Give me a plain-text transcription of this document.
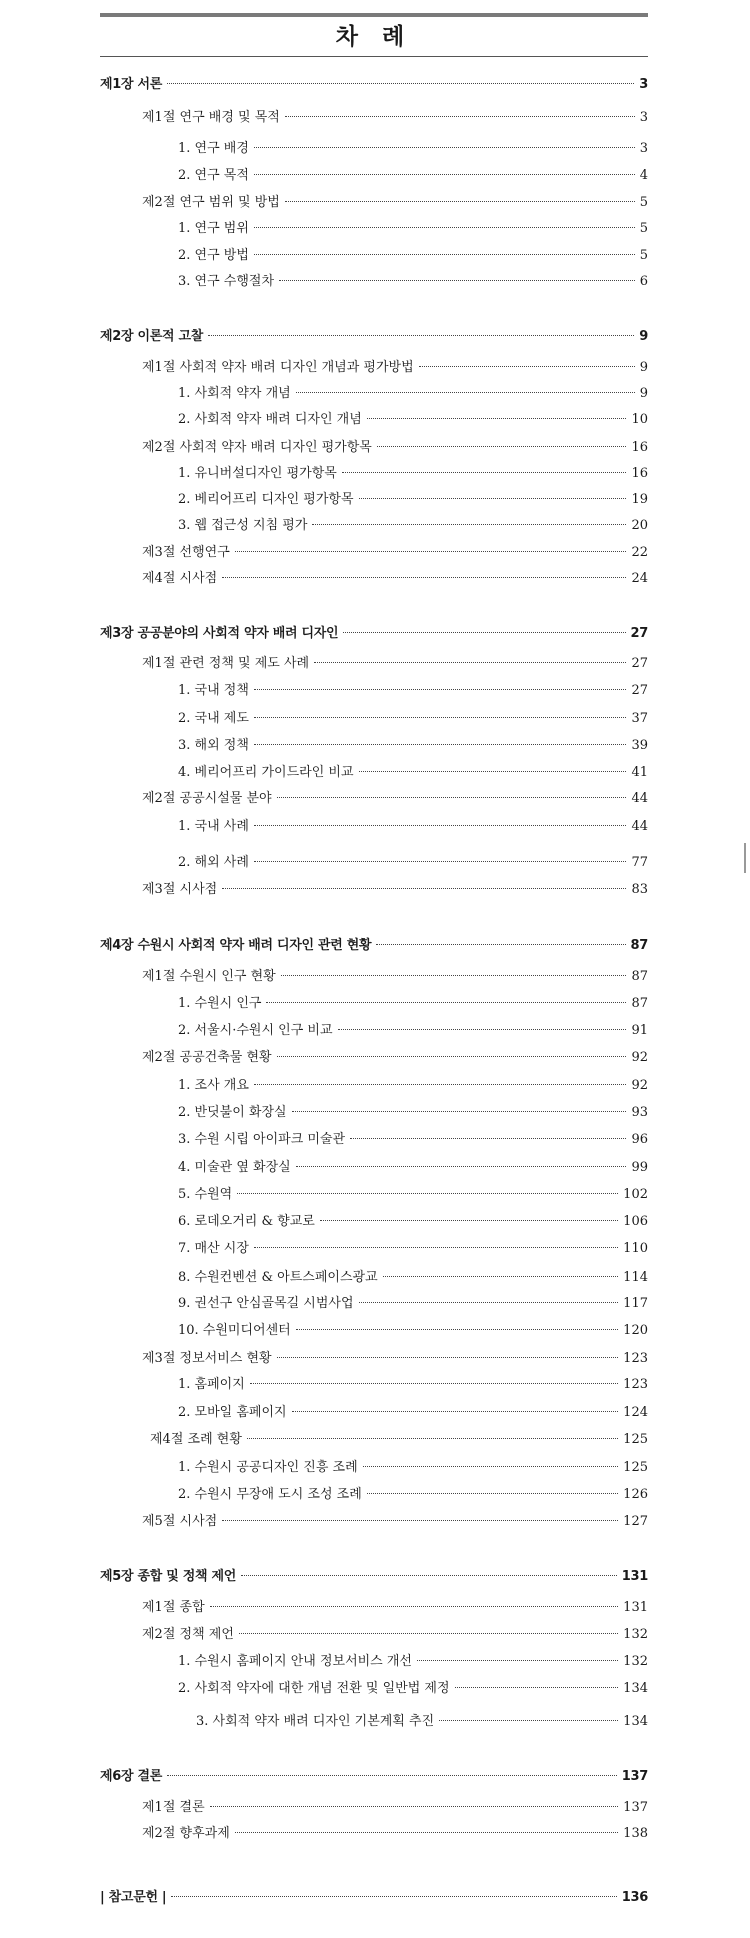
차 례
제1장 서론	3
제1절 연구 배경 및 목적	3
1. 연구 배경	3
2. 연구 목적	4
제2절 연구 범위 및 방법	5
1. 연구 범위	5
2. 연구 방법	5
3. 연구 수행절차	6
제2장 이론적 고찰	9
제1절 사회적 약자 배려 디자인 개념과 평가방법	9
1. 사회적 약자 개념	9
2. 사회적 약자 배려 디자인 개념	10
제2절 사회적 약자 배려 디자인 평가항목	16
1. 유니버설디자인 평가항목	16
2. 베리어프리 디자인 평가항목	19
3. 웹 접근성 지침 평가	20
제3절 선행연구	22
제4절 시사점	24
제3장 공공분야의 사회적 약자 배려 디자인	27
제1절 관련 정책 및 제도 사례	27
1. 국내 정책	27
2. 국내 제도	37
3. 해외 정책	39
4. 베리어프리 가이드라인 비교	41
제2절 공공시설물 분야	44
1. 국내 사례	44
2. 해외 사례	77
제3절 시사점	83
제4장 수원시 사회적 약자 배려 디자인 관련 현황	87
제1절 수원시 인구 현황	87
1. 수원시 인구	87
2. 서울시·수원시 인구 비교	91
제2절 공공건축물 현황	92
1. 조사 개요	92
2. 반딧불이 화장실	93
3. 수원 시립 아이파크 미술관	96
4. 미술관 옆 화장실	99
5. 수원역	102
6. 로데오거리 & 향교로	106
7. 매산 시장	110
8. 수원컨벤션 & 아트스페이스광교	114
9. 권선구 안심골목길 시범사업	117
10. 수원미디어센터	120
제3절 정보서비스 현황	123
1. 홈페이지	123
2. 모바일 홈페이지	124
제4절 조례 현황	125
1. 수원시 공공디자인 진흥 조례	125
2. 수원시 무장애 도시 조성 조례	126
제5절 시사점	127
제5장 종합 및 정책 제언	131
제1절 종합	131
제2절 정책 제언	132
1. 수원시 홈페이지 안내 정보서비스 개선	132
2. 사회적 약자에 대한 개념 전환 및 일반법 제정	134
3. 사회적 약자 배려 디자인 기본계획 추진	134
제6장 결론	137
제1절 결론	137
제2절 향후과제	138
| 참고문헌 |	136
